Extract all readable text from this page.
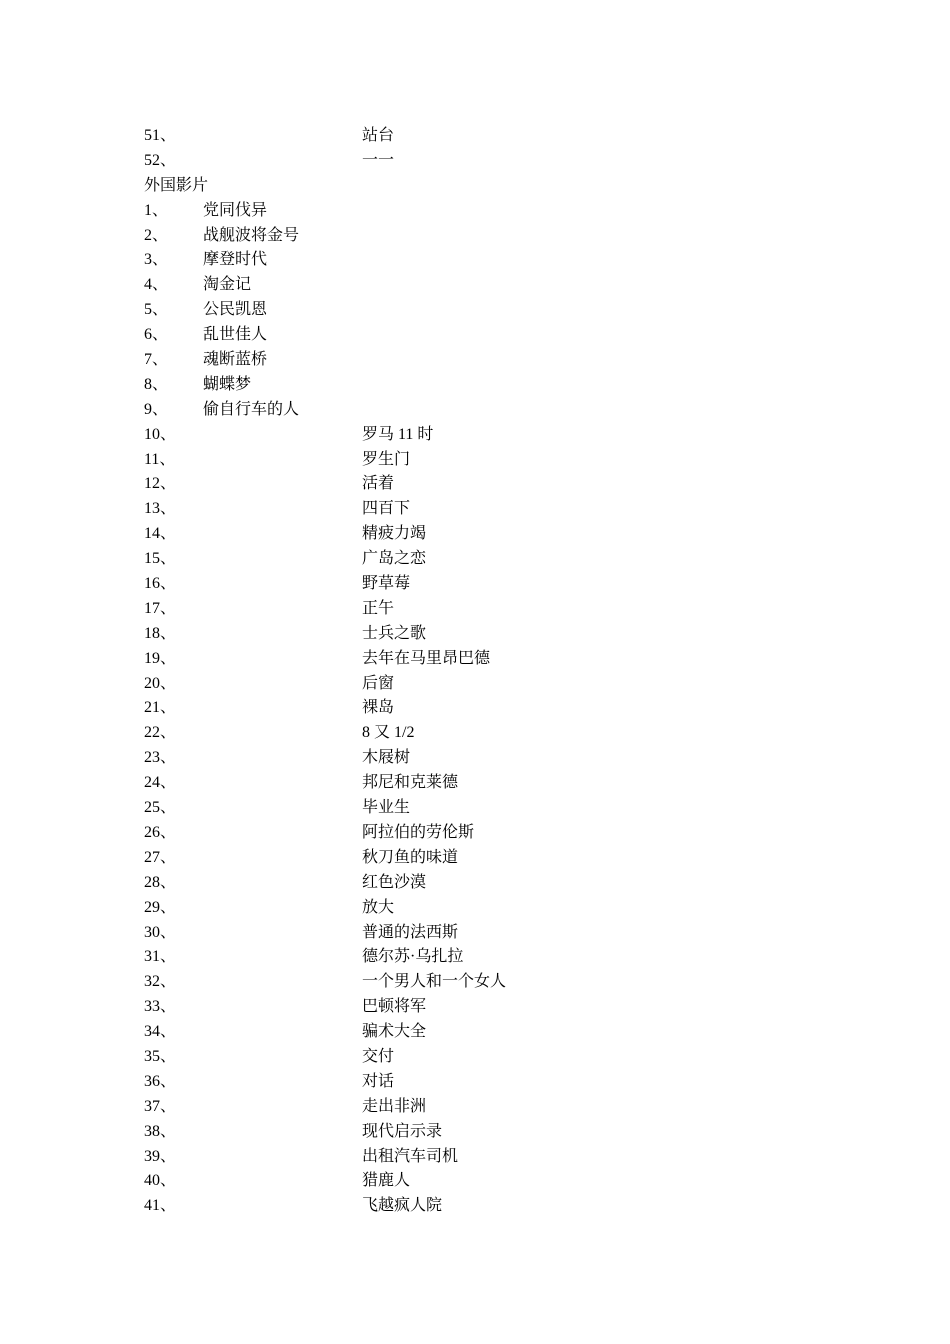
51、	站台
52、	一一
外国影片
1、 党同伐异
2、 战舰波将金号
3、 摩登时代
4、 淘金记
5、 公民凯恩
6、 乱世佳人
7、 魂断蓝桥
8、 蝴蝶梦
9、 偷自行车的人
10、	罗马 11 时
11、	罗生门
12、	活着
13、	四百下
14、	精疲力竭
15、	广岛之恋
16、	野草莓
17、	正午
18、	士兵之歌
19、	去年在马里昂巴德
20、	后窗
21、	裸岛
22、	8 又 1/2
23、	木屐树
24、	邦尼和克莱德
25、	毕业生
26、	阿拉伯的劳伦斯
27、	秋刀鱼的味道
28、	红色沙漠
29、	放大
30、	普通的法西斯
31、	德尔苏·乌扎拉
32、	一个男人和一个女人
33、	巴顿将军
34、	骗术大全
35、	交付
36、	对话
37、	走出非洲
38、	现代启示录
39、	出租汽车司机
40、	猎鹿人
41、	飞越疯人院
